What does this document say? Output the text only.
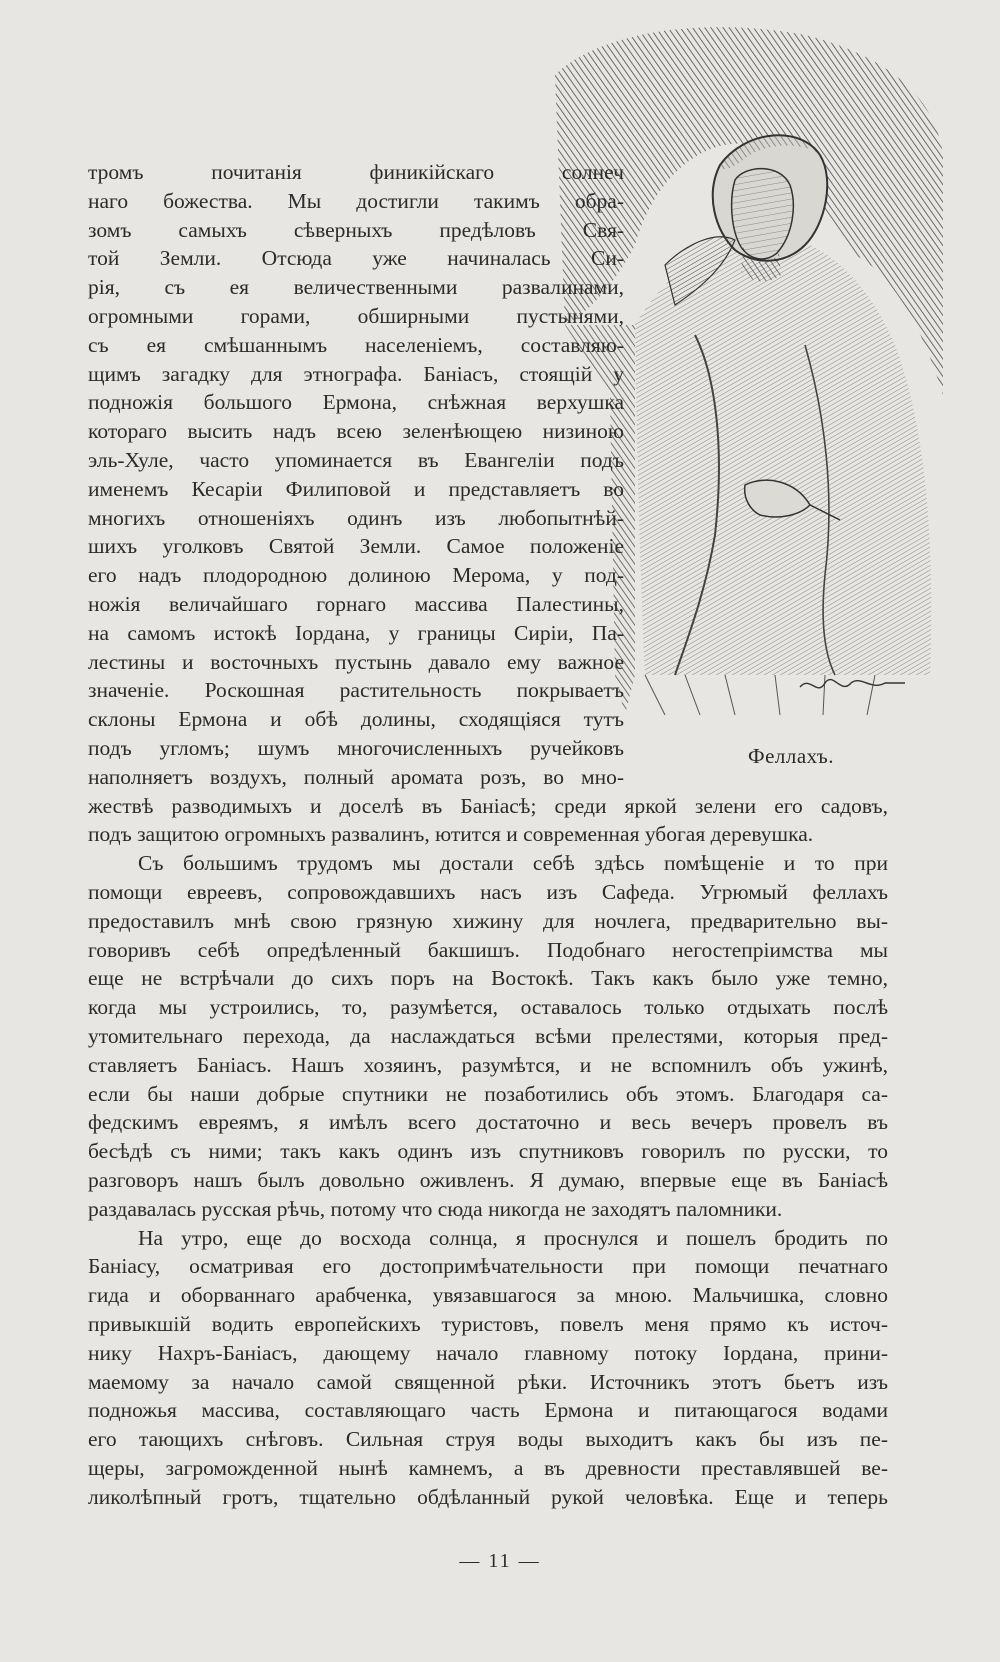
Феллахъ.
тромъ почитанія финикійскаго солнеч
наго божества. Мы достигли такимъ обра-
зомъ самыхъ сѣверныхъ предѣловъ Свя-
той Земли. Отсюда уже начиналась Си-
рія, съ ея величественными развалинами,
огромными горами, обширными пустынями,
съ ея смѣшаннымъ населеніемъ, составляю-
щимъ загадку для этнографа. Баніасъ, стоящій у
подножія большого Ермона, снѣжная верхушка
котораго высить надъ всею зеленѣющею низиною
эль-Хуле, часто упоминается въ Евангеліи подъ
именемъ Кесаріи Филиповой и представляетъ во
многихъ отношеніяхъ одинъ изъ любопытнѣй-
шихъ уголковъ Святой Земли. Самое положеніе
его надъ плодородною долиною Мерома, у под-
ножія величайшаго горнаго массива Палестины,
на самомъ истокѣ Іордана, у границы Сиріи, Па-
лестины и восточныхъ пустынь давало ему важное
значеніе. Роскошная растительность покрываетъ
склоны Ермона и обѣ долины, сходящіяся тутъ
подъ угломъ; шумъ многочисленныхъ ручейковъ
наполняетъ воздухъ, полный аромата розъ, во мно-
жествѣ разводимыхъ и доселѣ въ Баніасѣ; среди яркой зелени его садовъ,
подъ защитою огромныхъ развалинъ, ютится и современная убогая деревушка.
Съ большимъ трудомъ мы достали себѣ здѣсь помѣщеніе и то при
помощи евреевъ, сопровождавшихъ насъ изъ Сафеда. Угрюмый феллахъ
предоставилъ мнѣ свою грязную хижину для ночлега, предварительно вы-
говоривъ себѣ опредѣленный бакшишъ. Подобнаго негостепріимства мы
еще не встрѣчали до сихъ поръ на Востокѣ. Такъ какъ было уже темно,
когда мы устроились, то, разумѣется, оставалось только отдыхать послѣ
утомительнаго перехода, да наслаждаться всѣми прелестями, которыя пред-
ставляетъ Баніасъ. Нашъ хозяинъ, разумѣтся, и не вспомнилъ объ ужинѣ,
если бы наши добрые спутники не позаботились объ этомъ. Благодаря са-
федскимъ евреямъ, я имѣлъ всего достаточно и весь вечеръ провелъ въ
бесѣдѣ съ ними; такъ какъ одинъ изъ спутниковъ говорилъ по русски, то
разговоръ нашъ былъ довольно оживленъ. Я думаю, впервые еще въ Баніасѣ
раздавалась русская рѣчь, потому что сюда никогда не заходятъ паломники.
На утро, еще до восхода солнца, я проснулся и пошелъ бродить по
Баніасу, осматривая его достопримѣчательности при помощи печатнаго
гида и оборваннаго арабченка, увязавшагося за мною. Мальчишка, словно
привыкшій водить европейскихъ туристовъ, повелъ меня прямо къ источ-
нику Нахръ-Баніасъ, дающему начало главному потоку Іордана, прини-
маемому за начало самой священной рѣки. Источникъ этотъ бьетъ изъ
подножья массива, составляющаго часть Ермона и питающагося водами
его тающихъ снѣговъ. Сильная струя воды выходитъ какъ бы изъ пе-
щеры, загроможденной нынѣ камнемъ, а въ древности преставлявшей ве-
ликолѣпный гротъ, тщательно обдѣланный рукой человѣка. Еще и теперь
— 11 —
